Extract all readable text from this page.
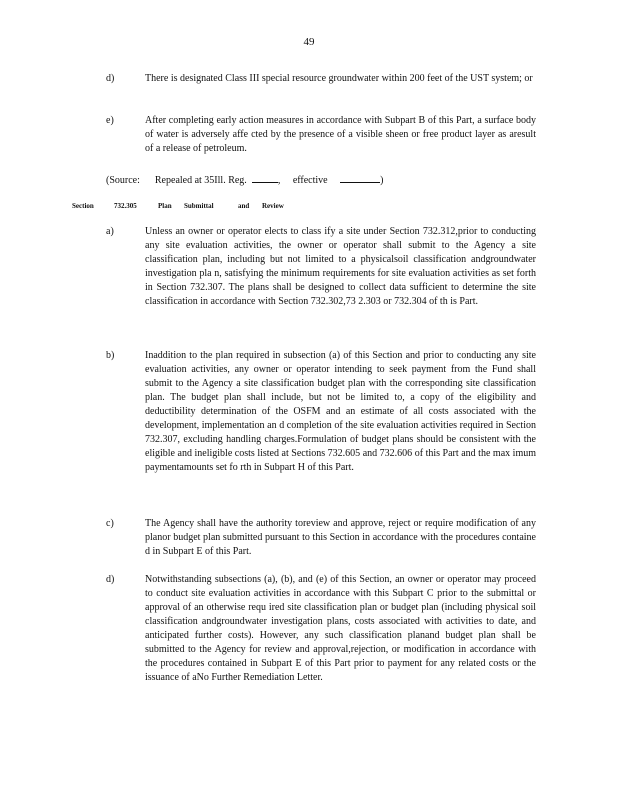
49
d)	There is designated Class III special resource groundwater within 200 feet of the UST system; or
e)	After completing early action measures in accordance with Subpart B of this Part, a surface body of water is adversely affe cted by the presence of a visible sheen or free product layer as aresult of a release of petroleum.
(Source: Repealed at 35Ill. Reg.	, effective	)
Section	732.305	Plan Submittal	and Review
a)	Unless an owner or operator elects to class ify a site under Section 732.312,prior to conducting any site evaluation activities, the owner or operator shall submit to the Agency a site classification plan, including but not limited to a physicalsoil classification andgroundwater investigation pla n, satisfying the minimum requirements for site evaluation activities as set forth in Section 732.307. The plans shall be designed to collect data sufficient to determine the site classification in accordance with Section 732.302,73 2.303 or 732.304 of th is Part.
b)	Inaddition to the plan required in subsection (a) of this Section and prior to conducting any site evaluation activities, any owner or operator intending to seek payment from the Fund shall submit to the Agency a site classification budget plan with the corresponding site classification plan. The budget plan shall include, but not be limited to, a copy of the eligibility and deductibility determination of the OSFM and an estimate of all costs associated with the development, implementation an d completion of the site evaluation activities required in Section 732.307, excluding handling charges.Formulation of budget plans should be consistent with the eligible and ineligible costs listed at Sections 732.605 and 732.606 of this Part and the max imum paymentamounts set fo rth in Subpart H of this Part.
c)	The Agency shall have the authority toreview and approve, reject or require modification of any planor budget plan submitted pursuant to this Section in accordance with the procedures containe d in Subpart E of this Part.
d)	Notwithstanding subsections (a), (b), and (e) of this Section, an owner or operator may proceed to conduct site evaluation activities in accordance with this Subpart C prior to the submittal or approval of an otherwise requ ired site classification plan or budget plan (including physical soil classification andgroundwater investigation plans, costs associated with activities to date, and anticipated further costs). However, any such classification planand budget plan shall be submitted to the Agency for review and approval,rejection, or modification in accordance with the procedures contained in Subpart E of this Part prior to payment for any related costs or the issuance of aNo Further Remediation Letter.
